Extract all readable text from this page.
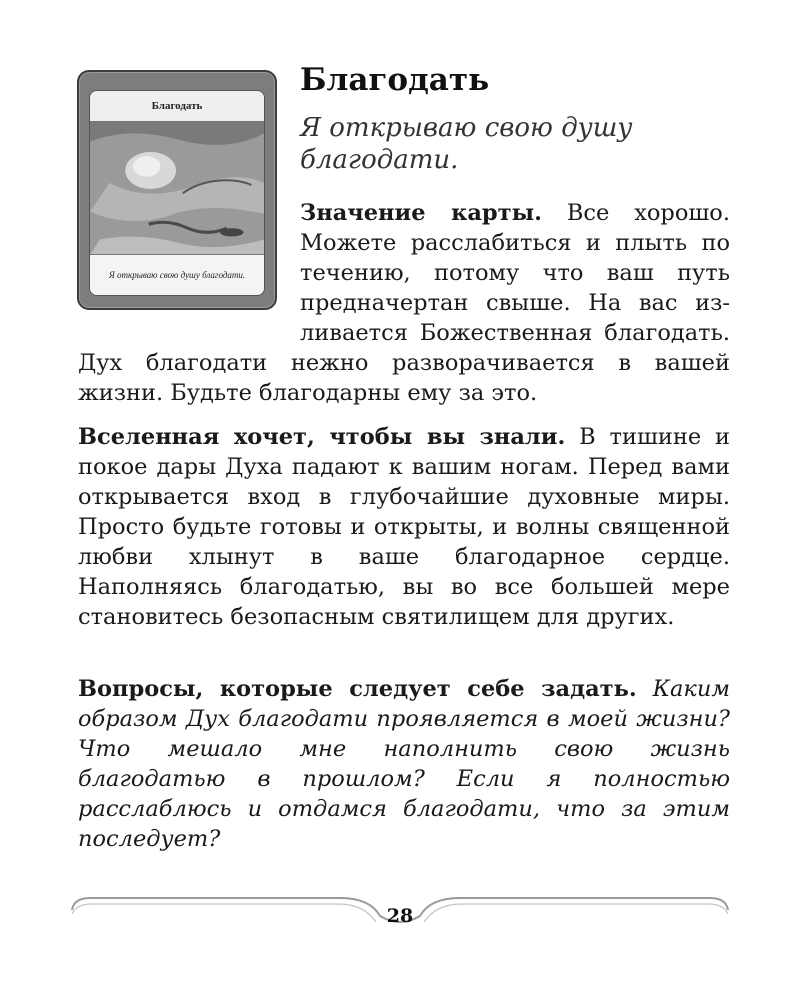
Благодать
Я открываю свою душу благодати.
Благодать

Я открываю свою душу благодати.

Значение карты. Все хорошо. Можете расслабиться и плыть по течению, потому что ваш путь предначертан свыше. На вас изливается Божественная благодать. Дух благодати нежно разворачивается в вашей жизни. Будьте благодарны ему за это.

Вселенная хочет, чтобы вы знали. В тишине и покое дары Духа падают к вашим ногам. Перед вами открывается вход в глубочайшие духовные миры. Просто будьте готовы и открыты, и волны священной любви хлынут в ваше благодарное сердце. Наполняясь благодатью, вы во все большей мере становитесь безопасным святилищем для других.

Вопросы, которые следует себе задать. Каким образом Дух благодати проявляется в моей жизни? Что мешало мне наполнить свою жизнь благодатью в прошлом? Если я полностью расслаблюсь и отдамся благодати, что за этим последует?

28
